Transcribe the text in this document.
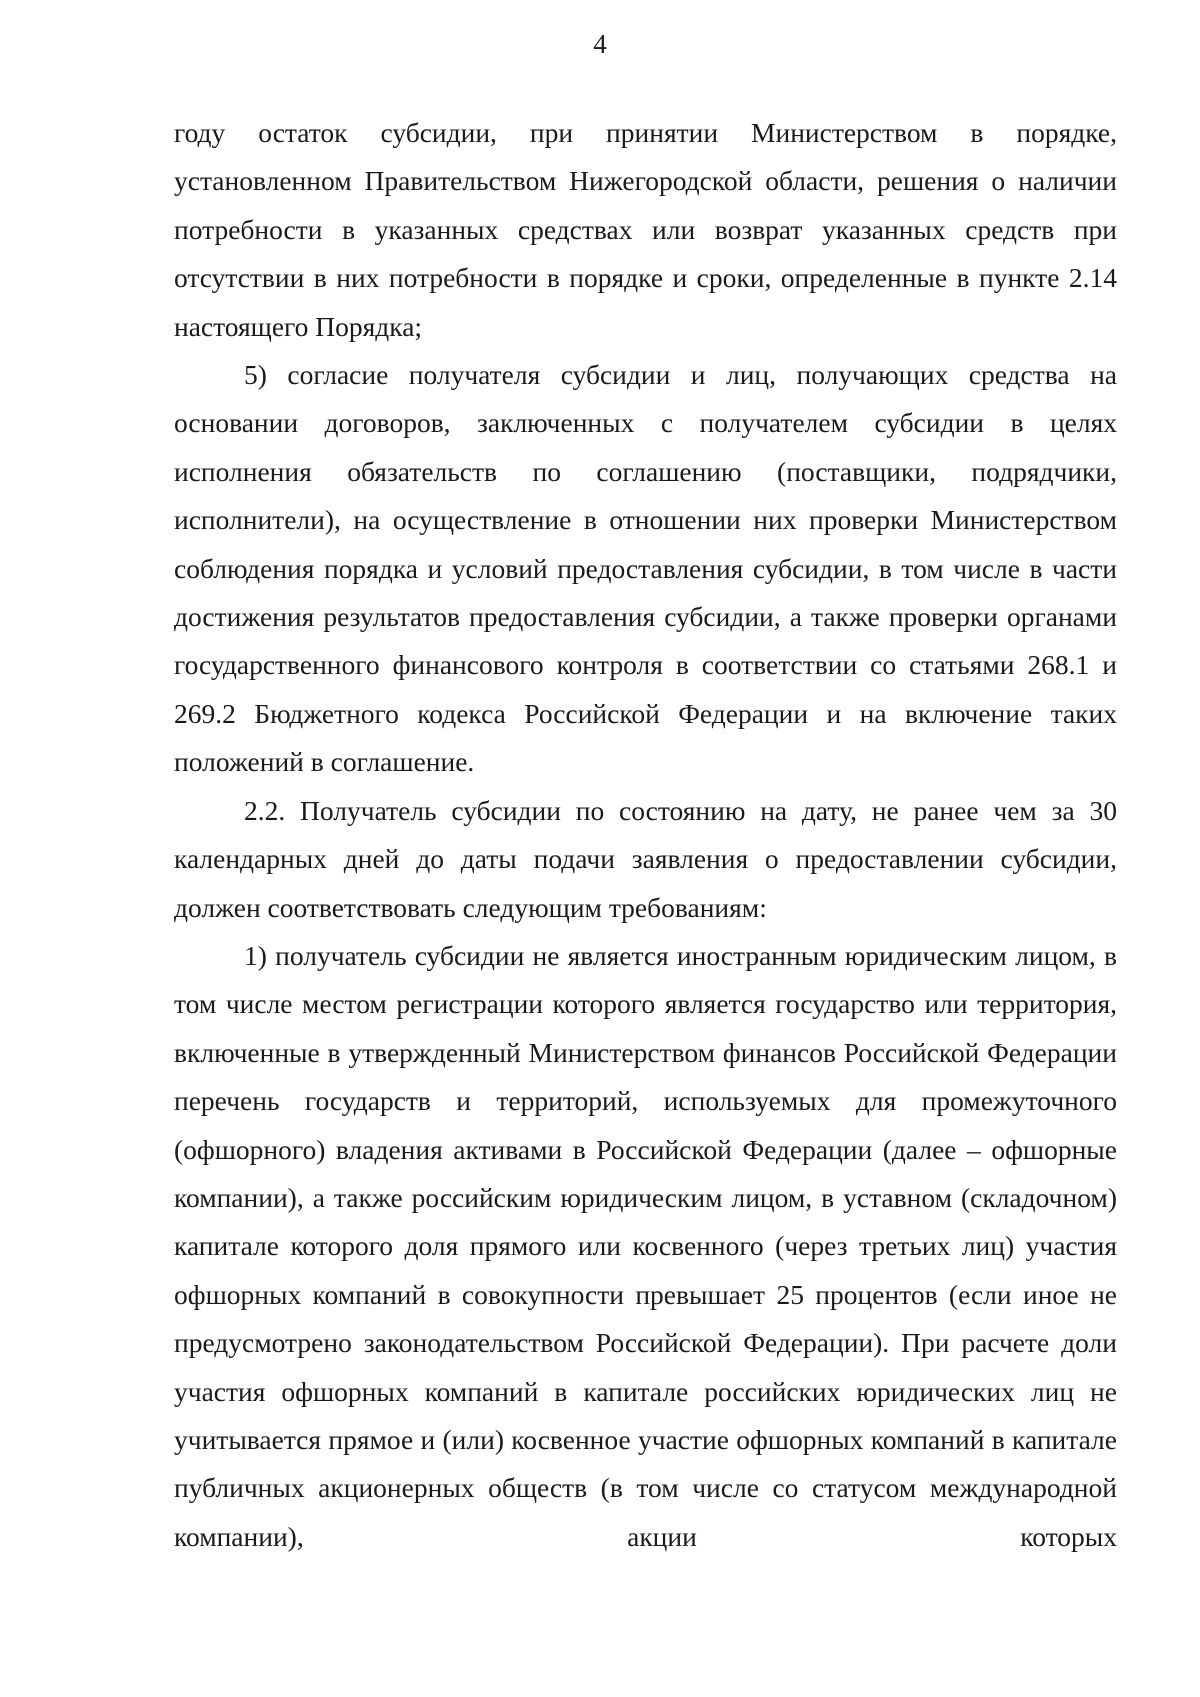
4

году остаток субсидии, при принятии Министерством в порядке, установленном Правительством Нижегородской области, решения о наличии потребности в указанных средствах или возврат указанных средств при отсутствии в них потребности в порядке и сроки, определенные в пункте 2.14 настоящего Порядка;

5) согласие получателя субсидии и лиц, получающих средства на основании договоров, заключенных с получателем субсидии в целях исполнения обязательств по соглашению (поставщики, подрядчики, исполнители), на осуществление в отношении них проверки Министерством соблюдения порядка и условий предоставления субсидии, в том числе в части достижения результатов предоставления субсидии, а также проверки органами государственного финансового контроля в соответствии со статьями 268.1 и 269.2 Бюджетного кодекса Российской Федерации и на включение таких положений в соглашение.

2.2. Получатель субсидии по состоянию на дату, не ранее чем за 30 календарных дней до даты подачи заявления о предоставлении субсидии, должен соответствовать следующим требованиям:

1) получатель субсидии не является иностранным юридическим лицом, в том числе местом регистрации которого является государство или территория, включенные в утвержденный Министерством финансов Российской Федерации перечень государств и территорий, используемых для промежуточного (офшорного) владения активами в Российской Федерации (далее – офшорные компании), а также российским юридическим лицом, в уставном (складочном) капитале которого доля прямого или косвенного (через третьих лиц) участия офшорных компаний в совокупности превышает 25 процентов (если иное не предусмотрено законодательством Российской Федерации). При расчете доли участия офшорных компаний в капитале российских юридических лиц не учитывается прямое и (или) косвенное участие офшорных компаний в капитале публичных акционерных обществ (в том числе со статусом международной компании), акции которых
